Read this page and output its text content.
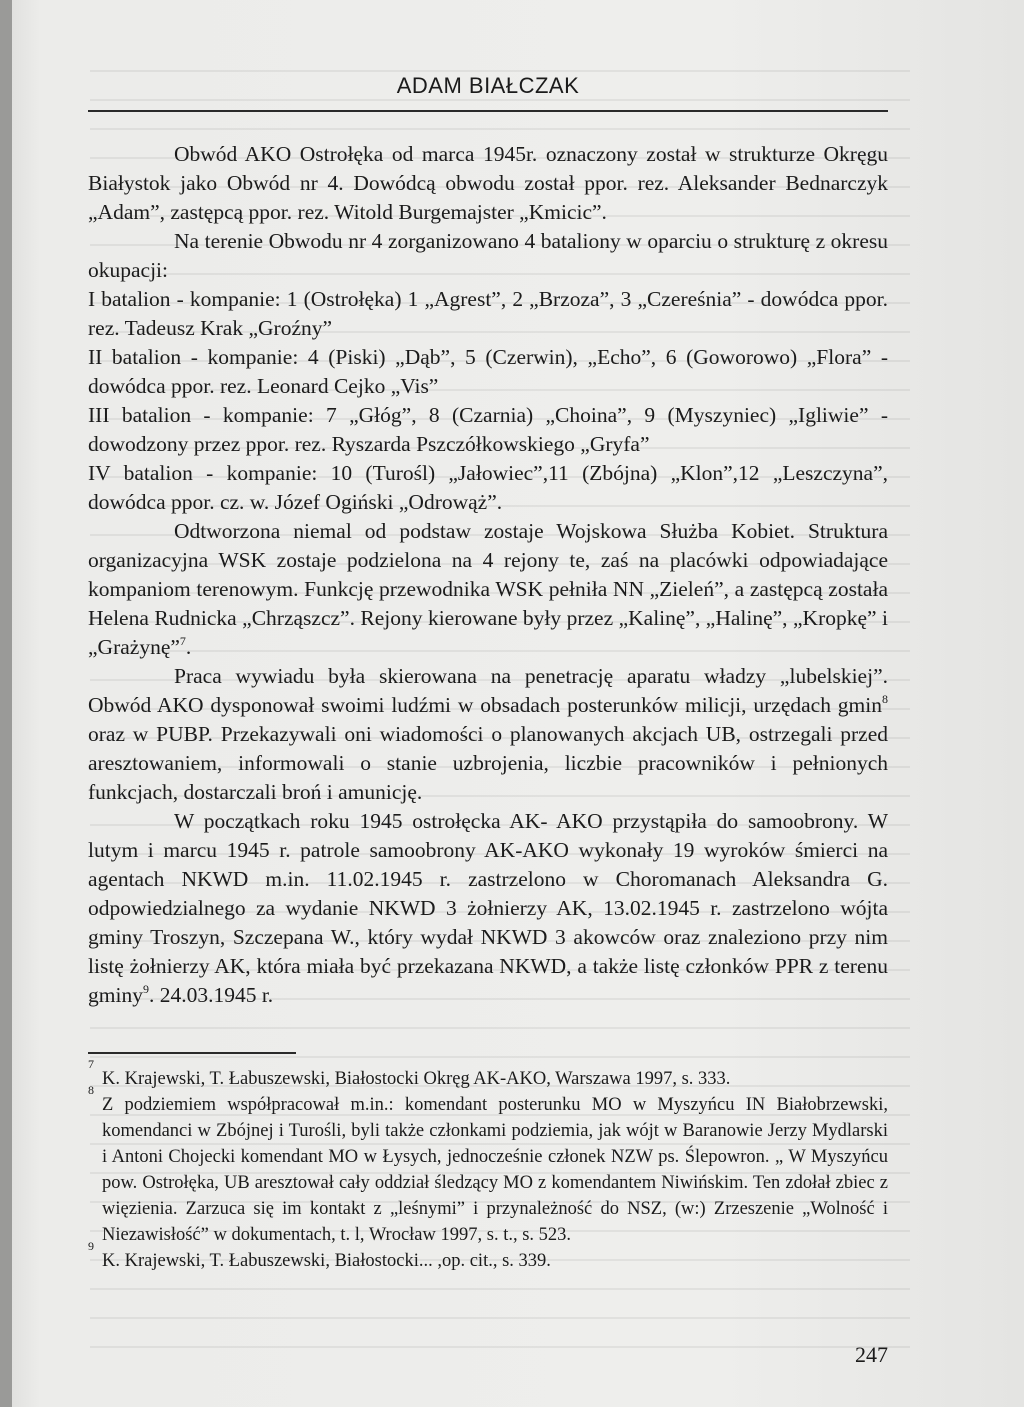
ADAM BIAŁCZAK

Obwód AKO Ostrołęka od marca 1945r. oznaczony został w strukturze Okręgu Białystok jako Obwód nr 4. Dowódcą obwodu został ppor. rez. Aleksander Bednarczyk „Adam”, zastępcą ppor. rez. Witold Burgemajster „Kmicic”.

Na terenie Obwodu nr 4 zorganizowano 4 bataliony w oparciu o strukturę z okresu okupacji:

I batalion - kompanie: 1 (Ostrołęka) 1 „Agrest”, 2 „Brzoza”, 3 „Czereśnia” - dowódca ppor. rez. Tadeusz Krak „Groźny”

II batalion - kompanie: 4 (Piski) „Dąb”, 5 (Czerwin), „Echo”, 6 (Goworowo) „Flora” - dowódca ppor. rez. Leonard Cejko „Vis”

III batalion - kompanie: 7 „Głóg”, 8 (Czarnia) „Choina”, 9 (Myszyniec) „Igliwie” - dowodzony przez ppor. rez. Ryszarda Pszczółkowskiego „Gryfa”

IV batalion - kompanie: 10 (Turośl) „Jałowiec”,11 (Zbójna) „Klon”,12 „Leszczyna”, dowódca ppor. cz. w. Józef Ogiński „Odrowąż”.

Odtworzona niemal od podstaw zostaje Wojskowa Służba Kobiet. Struktura organizacyjna WSK zostaje podzielona na 4 rejony te, zaś na placówki odpowiadające kompaniom terenowym. Funkcję przewodnika WSK pełniła NN „Zieleń”, a zastępcą została Helena Rudnicka „Chrząszcz”. Rejony kierowane były przez „Kalinę”, „Halinę”, „Kropkę” i „Grażynę”$^7$.

Praca wywiadu była skierowana na penetrację aparatu władzy „lubelskiej”. Obwód AKO dysponował swoimi ludźmi w obsadach posterunków milicji, urzędach gmin$^8$ oraz w PUBP. Przekazywali oni wiadomości o planowanych akcjach UB, ostrzegali przed aresztowaniem, informowali o stanie uzbrojenia, liczbie pracowników i pełnionych funkcjach, dostarczali broń i amunicję.

W początkach roku 1945 ostrołęcka AK- AKO przystąpiła do samoobrony. W lutym i marcu 1945 r. patrole samoobrony AK-AKO wykonały 19 wyroków śmierci na agentach NKWD m.in. 11.02.1945 r. zastrzelono w Choromanach Aleksandra G. odpowiedzialnego za wydanie NKWD 3 żołnierzy AK, 13.02.1945 r. zastrzelono wójta gminy Troszyn, Szczepana W., który wydał NKWD 3 akowców oraz znaleziono przy nim listę żołnierzy AK, która miała być przekazana NKWD, a także listę członków PPR z terenu gminy$^9$. 24.03.1945 r.

7
K. Krajewski, T. Łabuszewski, Białostocki Okręg AK-AKO, Warszawa 1997, s. 333.

8
Z podziemiem współpracował m.in.: komendant posterunku MO w Myszyńcu IN Białobrzewski, komendanci w Zbójnej i Turośli, byli także członkami podziemia, jak wójt w Baranowie Jerzy Mydlarski i Antoni Chojecki komendant MO w Łysych, jednocześnie członek NZW ps. Ślepowron. „ W Myszyńcu pow. Ostrołęka, UB aresztował cały oddział śledzący MO z komendantem Niwińskim. Ten zdołał zbiec z więzienia. Zarzuca się im kontakt z „leśnymi” i przynależność do NSZ, (w:) Zrzeszenie „Wolność i Niezawisłość” w dokumentach, t. l, Wrocław 1997, s. t., s. 523.

9
K. Krajewski, T. Łabuszewski, Białostocki... ,op. cit., s. 339.

247
